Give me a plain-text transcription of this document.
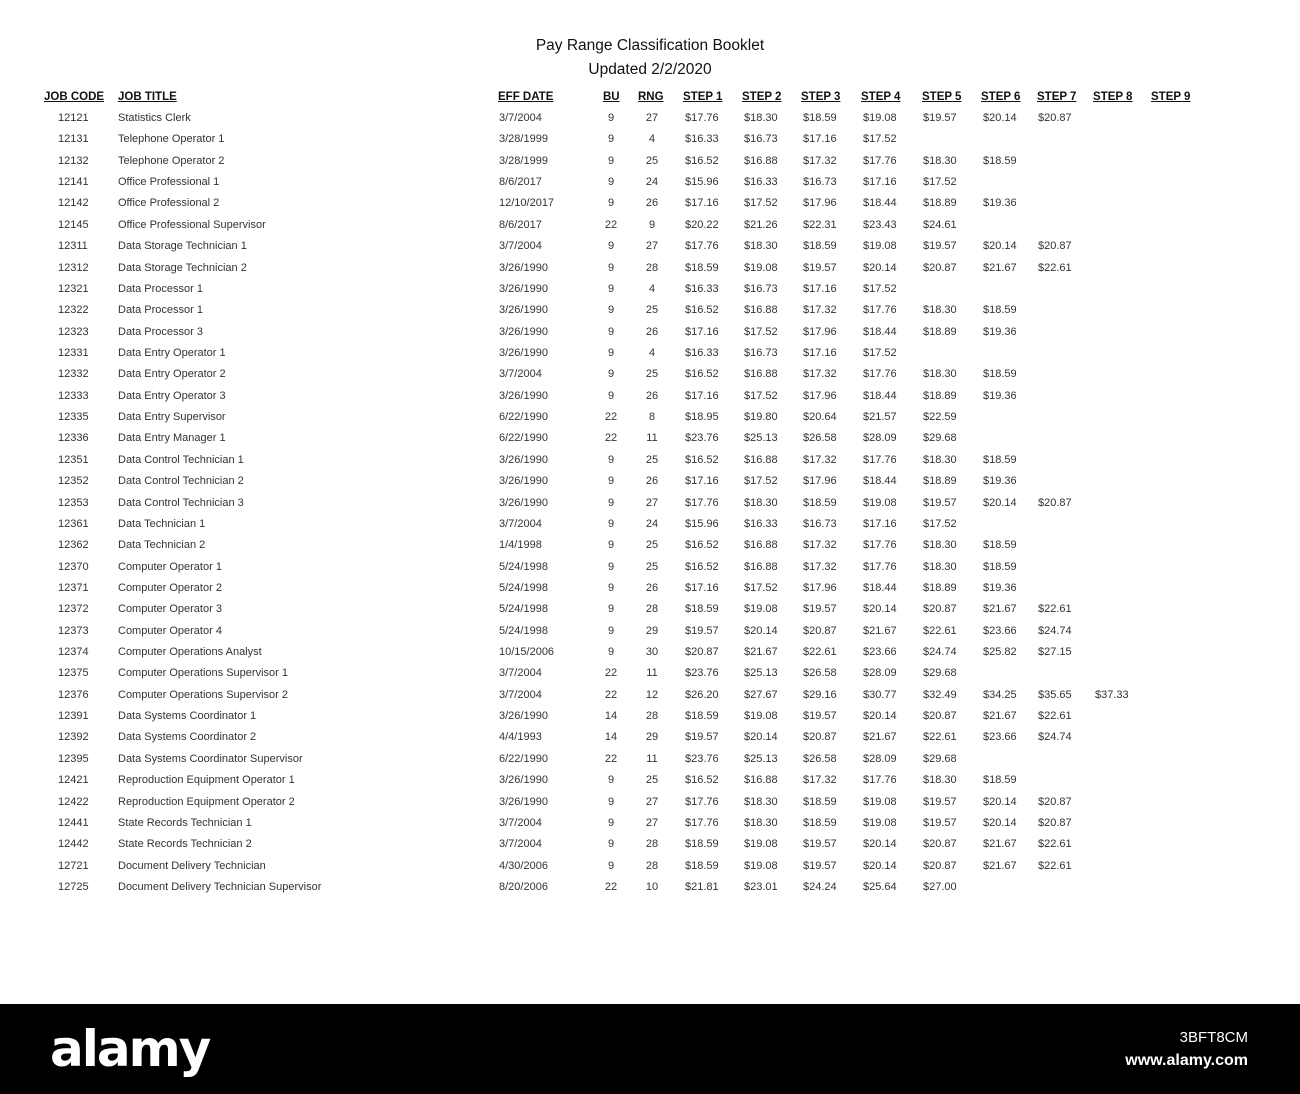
Pay Range Classification Booklet
Updated 2/2/2020
JOB CODE JOB TITLE	EFF DATE	BU RNG STEP 1 STEP 2 STEP 3 STEP 4 STEP 5 STEP 6 STEP 7 STEP 8 STEP 9
12121	Statistics Clerk	3/7/2004	9	27	$17.76 $18.30 $18.59 $19.08 $19.57 $20.14 $20.87
12131	Telephone Operator 1	3/28/1999	9	4	$16.33 $16.73 $17.16 $17.52
12132	Telephone Operator 2	3/28/1999	9	25	$16.52 $16.88 $17.32 $17.76 $18.30 $18.59
12141	Office Professional 1	8/6/2017	9	24	$15.96 $16.33 $16.73 $17.16 $17.52
12142	Office Professional 2	12/10/2017	9	26	$17.16 $17.52 $17.96 $18.44 $18.89 $19.36
12145	Office Professional Supervisor	8/6/2017	22	9	$20.22 $21.26 $22.31 $23.43 $24.61
12311	Data Storage Technician 1	3/7/2004	9	27	$17.76 $18.30 $18.59 $19.08 $19.57 $20.14 $20.87
12312	Data Storage Technician 2	3/26/1990	9	28	$18.59 $19.08 $19.57 $20.14 $20.87 $21.67 $22.61
12321	Data Processor 1	3/26/1990	9	4	$16.33 $16.73 $17.16 $17.52
12322	Data Processor 1	3/26/1990	9	25	$16.52 $16.88 $17.32 $17.76 $18.30 $18.59
12323	Data Processor 3	3/26/1990	9	26	$17.16 $17.52 $17.96 $18.44 $18.89 $19.36
12331	Data Entry Operator 1	3/26/1990	9	4	$16.33 $16.73 $17.16 $17.52
12332	Data Entry Operator 2	3/7/2004	9	25	$16.52 $16.88 $17.32 $17.76 $18.30 $18.59
12333	Data Entry Operator 3	3/26/1990	9	26	$17.16 $17.52 $17.96 $18.44 $18.89 $19.36
12335	Data Entry Supervisor	6/22/1990	22	8	$18.95 $19.80 $20.64 $21.57 $22.59
12336	Data Entry Manager 1	6/22/1990	22	11	$23.76 $25.13 $26.58 $28.09 $29.68
12351	Data Control Technician 1	3/26/1990	9	25	$16.52 $16.88 $17.32 $17.76 $18.30 $18.59
12352	Data Control Technician 2	3/26/1990	9	26	$17.16 $17.52 $17.96 $18.44 $18.89 $19.36
12353	Data Control Technician 3	3/26/1990	9	27	$17.76 $18.30 $18.59 $19.08 $19.57 $20.14 $20.87
12361	Data Technician 1	3/7/2004	9	24	$15.96 $16.33 $16.73 $17.16 $17.52
12362	Data Technician 2	1/4/1998	9	25	$16.52 $16.88 $17.32 $17.76 $18.30 $18.59
12370	Computer Operator 1	5/24/1998	9	25	$16.52 $16.88 $17.32 $17.76 $18.30 $18.59
12371	Computer Operator 2	5/24/1998	9	26	$17.16 $17.52 $17.96 $18.44 $18.89 $19.36
12372	Computer Operator 3	5/24/1998	9	28	$18.59 $19.08 $19.57 $20.14 $20.87 $21.67 $22.61
12373	Computer Operator 4	5/24/1998	9	29	$19.57 $20.14 $20.87 $21.67 $22.61 $23.66 $24.74
12374	Computer Operations Analyst	10/15/2006	9	30	$20.87 $21.67 $22.61 $23.66 $24.74 $25.82 $27.15
12375	Computer Operations Supervisor 1	3/7/2004	22	11	$23.76 $25.13 $26.58 $28.09 $29.68
12376	Computer Operations Supervisor 2	3/7/2004	22	12	$26.20 $27.67 $29.16 $30.77 $32.49 $34.25 $35.65 $37.33
12391	Data Systems Coordinator 1	3/26/1990	14	28	$18.59 $19.08 $19.57 $20.14 $20.87 $21.67 $22.61
12392	Data Systems Coordinator 2	4/4/1993	14	29	$19.57 $20.14 $20.87 $21.67 $22.61 $23.66 $24.74
12395	Data Systems Coordinator Supervisor	6/22/1990	22	11	$23.76 $25.13 $26.58 $28.09 $29.68
12421	Reproduction Equipment Operator 1	3/26/1990	9	25	$16.52 $16.88 $17.32 $17.76 $18.30 $18.59
12422	Reproduction Equipment Operator 2	3/26/1990	9	27	$17.76 $18.30 $18.59 $19.08 $19.57 $20.14 $20.87
12441	State Records Technician 1	3/7/2004	9	27	$17.76 $18.30 $18.59 $19.08 $19.57 $20.14 $20.87
12442	State Records Technician 2	3/7/2004	9	28	$18.59 $19.08 $19.57 $20.14 $20.87 $21.67 $22.61
12721	Document Delivery Technician	4/30/2006	9	28	$18.59 $19.08 $19.57 $20.14 $20.87 $21.67 $22.61
12725	Document Delivery Technician Supervisor	8/20/2006	22	10	$21.81 $23.01 $24.24 $25.64 $27.00
alamy	3BFT8CM
www.alamy.com
